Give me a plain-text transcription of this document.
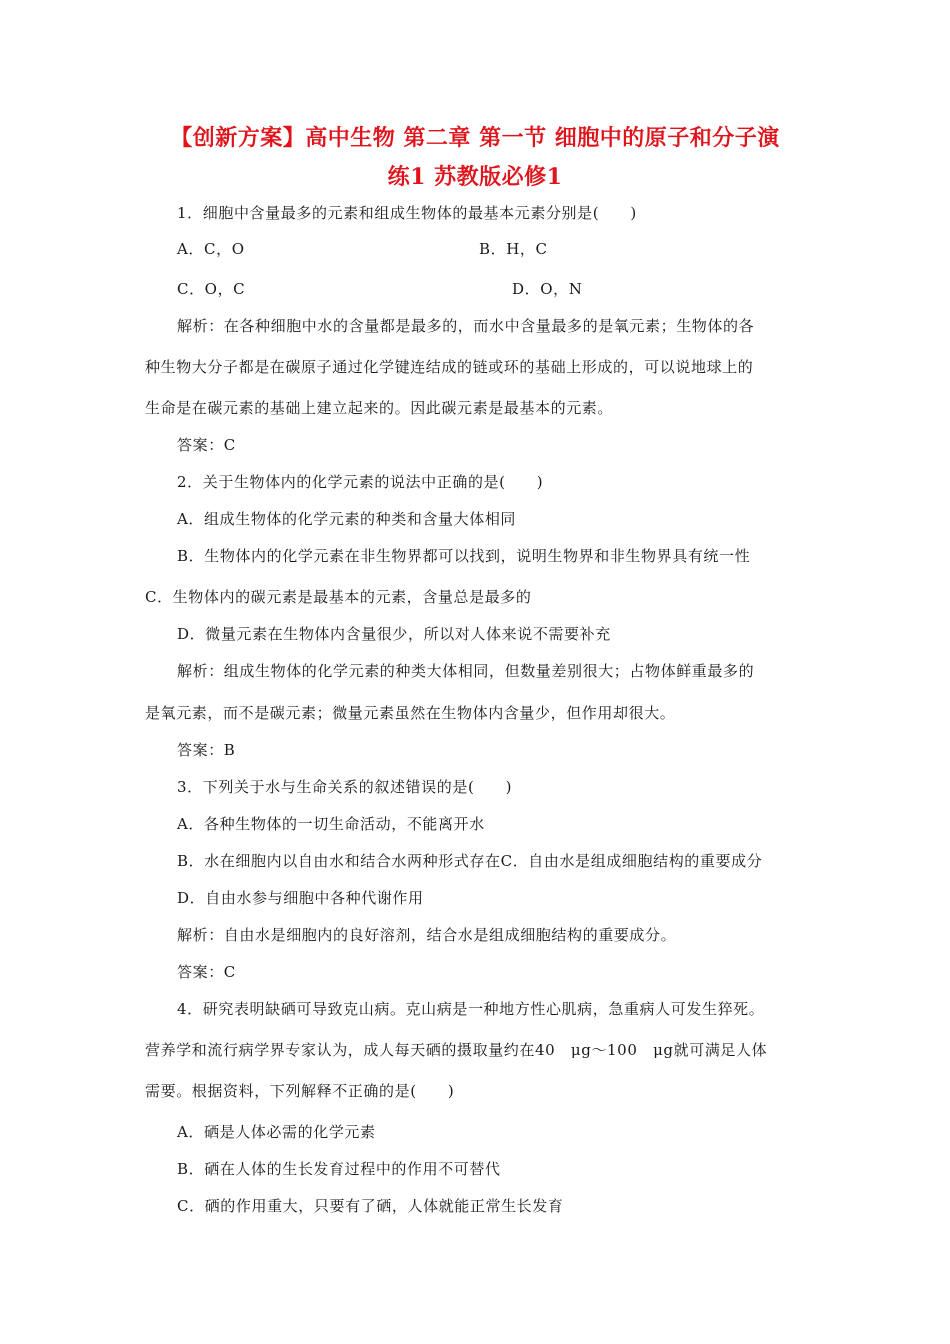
【创新方案】高中生物 第二章 第一节 细胞中的原子和分子演
练1 苏教版必修1
1．细胞中含量最多的元素和组成生物体的最基本元素分别是(　　)
A．C，O	B．H，C
C．O，C	D．O，N
解析：在各种细胞中水的含量都是最多的，而水中含量最多的是氧元素；生物体的各
种生物大分子都是在碳原子通过化学键连结成的链或环的基础上形成的，可以说地球上的
生命是在碳元素的基础上建立起来的。因此碳元素是最基本的元素。
答案：C
2．关于生物体内的化学元素的说法中正确的是(　　)
A．组成生物体的化学元素的种类和含量大体相同
B．生物体内的化学元素在非生物界都可以找到，说明生物界和非生物界具有统一性
C．生物体内的碳元素是最基本的元素，含量总是最多的
D．微量元素在生物体内含量很少，所以对人体来说不需要补充
解析：组成生物体的化学元素的种类大体相同，但数量差别很大；占物体鲜重最多的
是氧元素，而不是碳元素；微量元素虽然在生物体内含量少，但作用却很大。
答案：B
3．下列关于水与生命关系的叙述错误的是(　　)
A．各种生物体的一切生命活动，不能离开水
B．水在细胞内以自由水和结合水两种形式存在C．自由水是组成细胞结构的重要成分
D．自由水参与细胞中各种代谢作用
解析：自由水是细胞内的良好溶剂，结合水是组成细胞结构的重要成分。
答案：C
4．研究表明缺硒可导致克山病。克山病是一种地方性心肌病，急重病人可发生猝死。
营养学和流行病学界专家认为，成人每天硒的摄取量约在40　μg～100　μg就可满足人体
需要。根据资料，下列解释不正确的是(　　)
A．硒是人体必需的化学元素
B．硒在人体的生长发育过程中的作用不可替代
C．硒的作用重大，只要有了硒，人体就能正常生长发育
